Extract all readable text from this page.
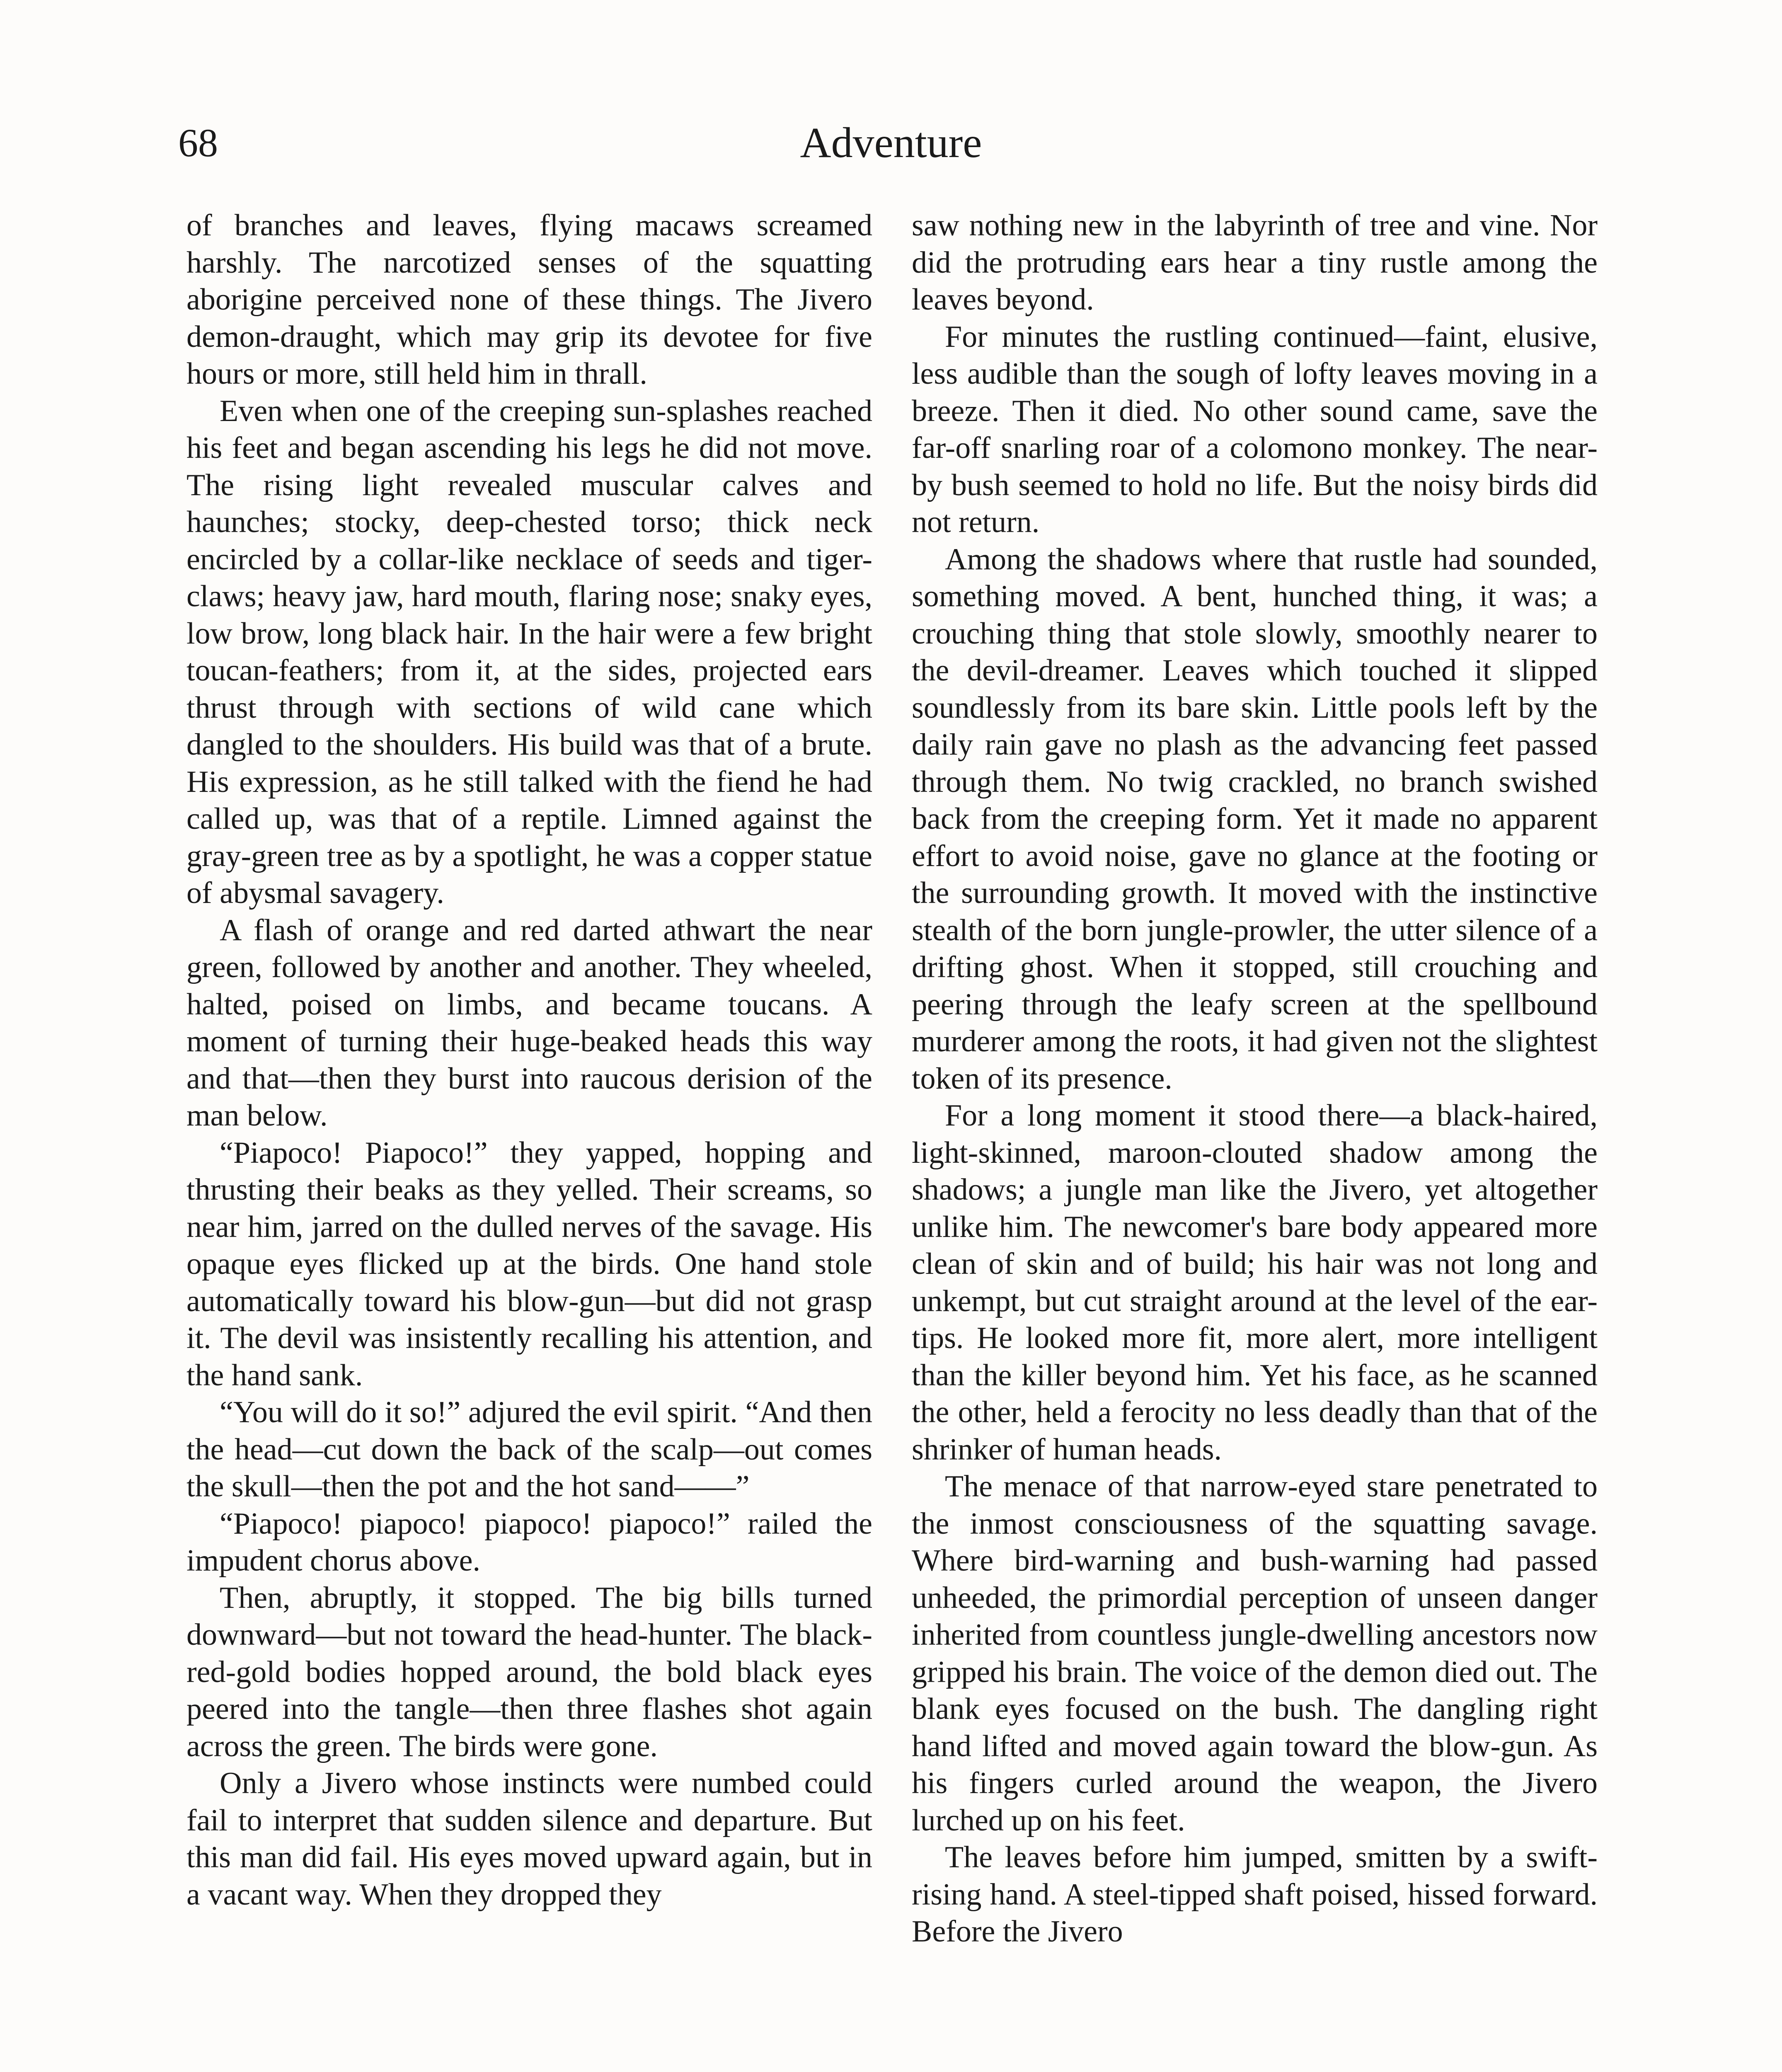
68	Adventure

of branches and leaves, flying macaws screamed harshly. The narcotized senses of the squatting aborigine perceived none of these things. The Jivero demon-draught, which may grip its devotee for five hours or more, still held him in thrall.

Even when one of the creeping sun-splashes reached his feet and began ascending his legs he did not move. The rising light revealed muscular calves and haunches; stocky, deep-chested torso; thick neck encircled by a collar-like necklace of seeds and tiger-claws; heavy jaw, hard mouth, flaring nose; snaky eyes, low brow, long black hair. In the hair were a few bright toucan-feathers; from it, at the sides, projected ears thrust through with sections of wild cane which dangled to the shoulders. His build was that of a brute. His expression, as he still talked with the fiend he had called up, was that of a reptile. Limned against the gray-green tree as by a spotlight, he was a copper statue of abysmal savagery.

A flash of orange and red darted athwart the near green, followed by another and another. They wheeled, halted, poised on limbs, and became toucans. A moment of turning their huge-beaked heads this way and that—then they burst into raucous derision of the man below.

“Piapoco! Piapoco!” they yapped, hopping and thrusting their beaks as they yelled. Their screams, so near him, jarred on the dulled nerves of the savage. His opaque eyes flicked up at the birds. One hand stole automatically toward his blow-gun—but did not grasp it. The devil was insistently recalling his attention, and the hand sank.

“You will do it so!” adjured the evil spirit. “And then the head—cut down the back of the scalp—out comes the skull—then the pot and the hot sand——”

“Piapoco! piapoco! piapoco! piapoco!” railed the impudent chorus above.

Then, abruptly, it stopped. The big bills turned downward—but not toward the head-hunter. The black-red-gold bodies hopped around, the bold black eyes peered into the tangle—then three flashes shot again across the green. The birds were gone.

Only a Jivero whose instincts were numbed could fail to interpret that sudden silence and departure. But this man did fail. His eyes moved upward again, but in a vacant way. When they dropped they

saw nothing new in the labyrinth of tree and vine. Nor did the protruding ears hear a tiny rustle among the leaves beyond.

For minutes the rustling continued—faint, elusive, less audible than the sough of lofty leaves moving in a breeze. Then it died. No other sound came, save the far-off snarling roar of a colomono monkey. The near-by bush seemed to hold no life. But the noisy birds did not return.

Among the shadows where that rustle had sounded, something moved. A bent, hunched thing, it was; a crouching thing that stole slowly, smoothly nearer to the devil-dreamer. Leaves which touched it slipped soundlessly from its bare skin. Little pools left by the daily rain gave no plash as the advancing feet passed through them. No twig crackled, no branch swished back from the creeping form. Yet it made no apparent effort to avoid noise, gave no glance at the footing or the surrounding growth. It moved with the instinctive stealth of the born jungle-prowler, the utter silence of a drifting ghost. When it stopped, still crouching and peering through the leafy screen at the spellbound murderer among the roots, it had given not the slightest token of its presence.

For a long moment it stood there—a black-haired, light-skinned, maroon-clouted shadow among the shadows; a jungle man like the Jivero, yet altogether unlike him. The newcomer's bare body appeared more clean of skin and of build; his hair was not long and unkempt, but cut straight around at the level of the ear-tips. He looked more fit, more alert, more intelligent than the killer beyond him. Yet his face, as he scanned the other, held a ferocity no less deadly than that of the shrinker of human heads.

The menace of that narrow-eyed stare penetrated to the inmost consciousness of the squatting savage. Where bird-warning and bush-warning had passed unheeded, the primordial perception of unseen danger inherited from countless jungle-dwelling ancestors now gripped his brain. The voice of the demon died out. The blank eyes focused on the bush. The dangling right hand lifted and moved again toward the blow-gun. As his fingers curled around the weapon, the Jivero lurched up on his feet.

The leaves before him jumped, smitten by a swift-rising hand. A steel-tipped shaft poised, hissed forward. Before the Jivero
